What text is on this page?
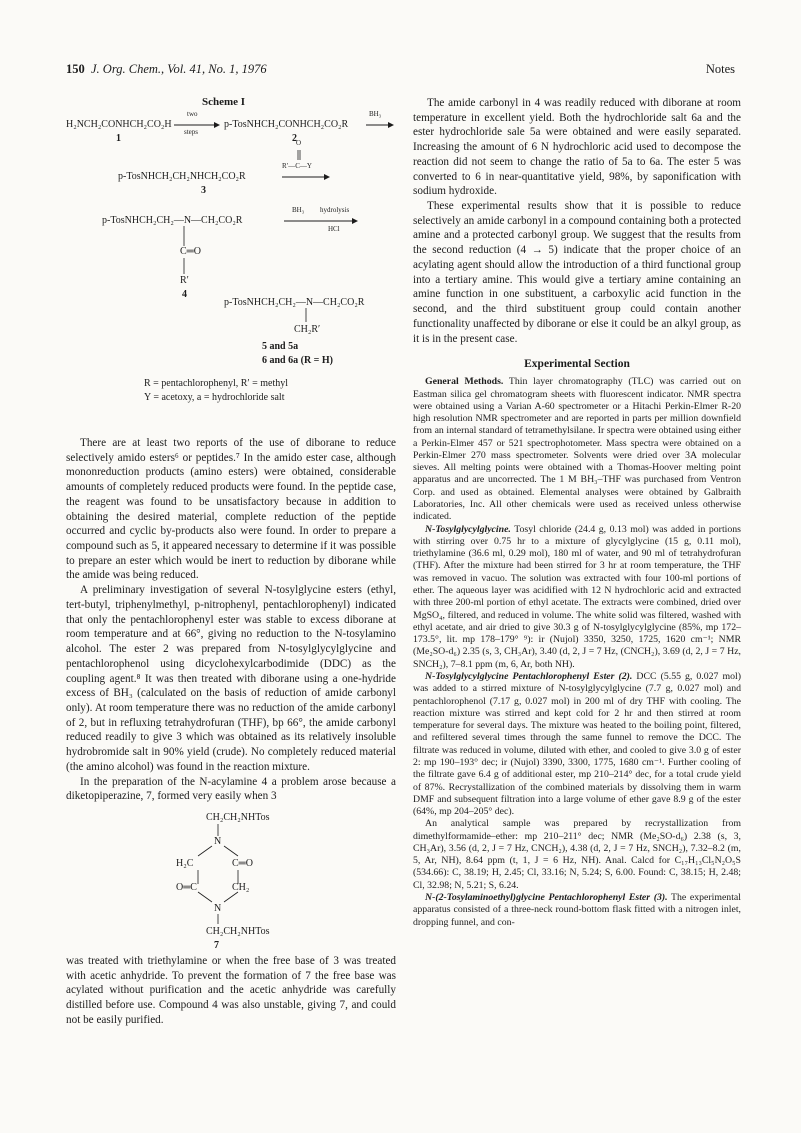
150 J. Org. Chem., Vol. 41, No. 1, 1976	Notes
Scheme I
H₂NCH₂CONHCH₂CO₂H
two
steps
p-TosNHCH₂CONHCH₂CO₂R
BH₃
1	2 O
R′—C—Y
p-TosNHCH₂CH₂NHCH₂CO₂R
3
p-TosNHCH₂CH₂—N—CH₂CO₂R
BH₃ hydrolysis
HCl
C═O
R′
4
p-TosNHCH₂CH₂—N—CH₂CO₂R
CH₂R′
5 and 5a
6 and 6a (R = H)
R = pentachlorophenyl, R′ = methyl
Y = acetoxy, a = hydrochloride salt

There are at least two reports of the use of diborane to reduce selectively amido esters⁶ or peptides.⁷ In the amido ester case, although mononreduction products (amino esters) were obtained, considerable amounts of completely reduced products were found. In the peptide case, the reagent was found to be unsatisfactory because in addition to obtaining the desired material, complete reduction of the peptide occurred and cyclic by-products also were found. In order to prepare a compound such as 5, it appeared necessary to determine if it was possible to prepare an ester which would be inert to reduction by diborane while the amide was being reduced.

A preliminary investigation of several N-tosylglycine esters (ethyl, tert-butyl, triphenylmethyl, p-nitrophenyl, pentachlorophenyl) indicated that only the pentachlorophenyl ester was stable to excess diborane at room temperature and at 66°, giving no reduction to the N-tosylamino alcohol. The ester 2 was prepared from N-tosylglycylglycine and pentachlorophenol using dicyclohexylcarbodimide (DDC) as the coupling agent.⁸ It was then treated with diborane using a one-hydride excess of BH₃ (calculated on the basis of reduction of amide carbonyl only). At room temperature there was no reduction of the amide carbonyl of 2, but in refluxing tetrahydrofuran (THF), bp 66°, the amide carbonyl reduced readily to give 3 which was obtained as its relatively insoluble hydrobromide salt in 90% yield (crude). No completely reduced material (the amino alcohol) was found in the reaction mixture.

In the preparation of the N-acylamine 4 a problem arose because a diketopiperazine, 7, formed very easily when 3

CH₂CH₂NHTos
N
H₂C	C═O
O═C	CH₂
N
CH₂CH₂NHTos
7

was treated with triethylamine or when the free base of 3 was treated with acetic anhydride. To prevent the formation of 7 the free base was acylated without purification and the acetic anhydride was carefully distilled before use. Compound 4 was also unstable, giving 7, and could not be easily purified.

The amide carbonyl in 4 was readily reduced with diborane at room temperature in excellent yield. Both the hydrochloride salt 6a and the ester hydrochloride sale 5a were obtained and were easily separated. Increasing the amount of 6 N hydrochloric acid used to decompose the reaction did not seem to change the ratio of 5a to 6a. The ester 5 was converted to 6 in near-quantitative yield, 98%, by saponification with sodium hydroxide.

These experimental results show that it is possible to reduce selectively an amide carbonyl in a compound containing both a protected amine and a protected carbonyl group. We suggest that the results from the second reduction (4 → 5) indicate that the proper choice of an acylating agent should allow the introduction of a third functional group into a tertiary amine. This would give a tertiary amine containing an amine function in one substituent, a carboxylic acid function in the second, and the third substituent group could contain another functionality unaffected by diborane or else it could be an alkyl group, as it is in the present case.

Experimental Section

General Methods. Thin layer chromatography (TLC) was carried out on Eastman silica gel chromatogram sheets with fluorescent indicator. NMR spectra were obtained using a Varian A-60 spectrometer or a Hitachi Perkin-Elmer R-20 high resolution NMR spectrometer and are reported in parts per million downfield from an internal standard of tetramethylsilane. Ir spectra were obtained using either a Perkin-Elmer 457 or 521 spectrophotometer. Mass spectra were obtained on a Perkin-Elmer 270 mass spectrometer. Solvents were dried over 3A molecular sieves. All melting points were obtained with a Thomas-Hoover melting point apparatus and are uncorrected. The 1 M BH₃–THF was purchased from Ventron Corp. and used as obtained. Elemental analyses were obtained by Galbraith Laboratories, Inc. All other chemicals were used as received unless otherwise indicated.

N-Tosylglycylglycine. Tosyl chloride (24.4 g, 0.13 mol) was added in portions with stirring over 0.75 hr to a mixture of glycylglycine (15 g, 0.11 mol), triethylamine (36.6 ml, 0.29 mol), 180 ml of water, and 90 ml of tetrahydrofuran (THF). After the mixture had been stirred for 3 hr at room temperature, the THF was removed in vacuo. The solution was extracted with four 100-ml portions of ether. The aqueous layer was acidified with 12 N hydrochloric acid and extracted with three 200-ml portion of ethyl acetate. The extracts were combined, dried over MgSO₄, filtered, and reduced in volume. The white solid was filtered, washed with ethyl acetate, and air dried to give 30.3 g of N-tosylglycylglycine (85%, mp 172–173.5°, lit. mp 178–179° ⁹): ir (Nujol) 3350, 3250, 1725, 1620 cm⁻¹; NMR (Me₂SO-d₆) 2.35 (s, 3, CH₃Ar), 3.40 (d, 2, J = 7 Hz, (CNCH₂), 3.69 (d, 2, J = 7 Hz, SNCH₂), 7–8.1 ppm (m, 6, Ar, both NH).

N-Tosylglycylglycine Pentachlorophenyl Ester (2). DCC (5.55 g, 0.027 mol) was added to a stirred mixture of N-tosylglycylglycine (7.7 g, 0.027 mol) and pentachlorophenol (7.17 g, 0.027 mol) in 200 ml of dry THF with cooling. The reaction mixture was stirred and kept cold for 2 hr and then stirred at room temperature for several days. The mixture was heated to the boiling point, filtered, and refiltered several times through the same funnel to remove the DCC. The filtrate was reduced in volume, diluted with ether, and cooled to give 3.0 g of ester 2: mp 190–193° dec; ir (Nujol) 3390, 3300, 1775, 1680 cm⁻¹. Further cooling of the filtrate gave 6.4 g of additional ester, mp 210–214° dec, for a total crude yield of 87%. Recrystallization of the combined materials by dissolving them in warm DMF and subsequent filtration into a large volume of ether gave 8.9 g of the ester (64%, mp 204–205° dec).

An analytical sample was prepared by recrystallization from dimethylformamide–ether: mp 210–211° dec; NMR (Me₂SO-d₆) 2.38 (s, 3, CH₃Ar), 3.56 (d, 2, J = 7 Hz, CNCH₂), 4.38 (d, 2, J = 7 Hz, SNCH₂), 7.32–8.2 (m, 5, Ar, NH), 8.64 ppm (t, 1, J = 6 Hz, NH). Anal. Calcd for C₁₇H₁₃Cl₅N₂O₅S (534.66): C, 38.19; H, 2.45; Cl, 33.16; N, 5.24; S, 6.00. Found: C, 38.15; H, 2.48; Cl, 32.98; N, 5.21; S, 6.24.

N-(2-Tosylaminoethyl)glycine Pentachlorophenyl Ester (3). The experimental apparatus consisted of a three-neck round-bottom flask fitted with a nitrogen inlet, dropping funnel, and con-
